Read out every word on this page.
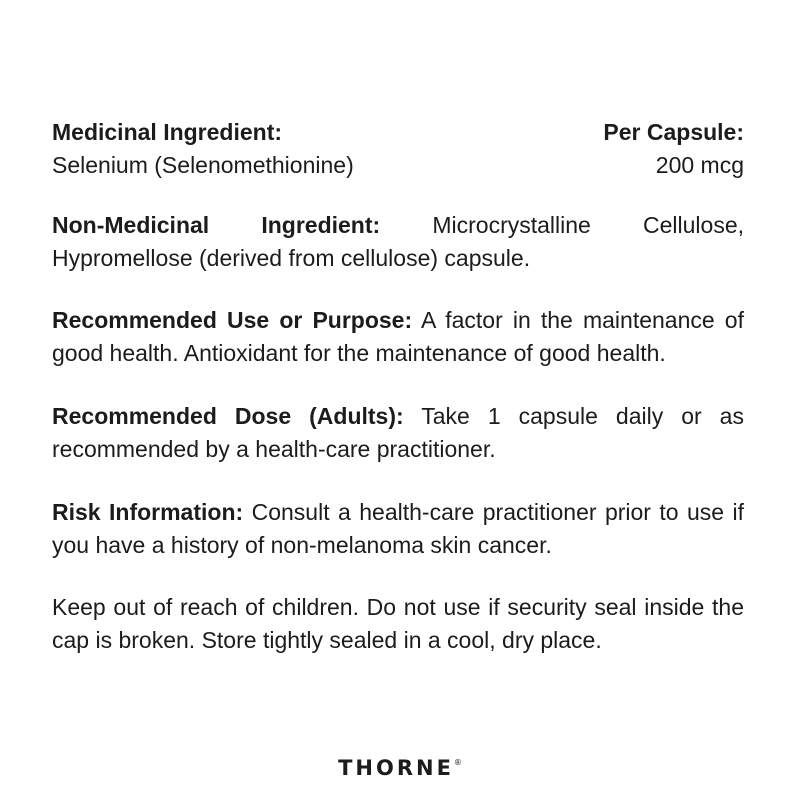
Medicinal Ingredient:	Per Capsule:
Selenium (Selenomethionine)	200 mcg
Non-Medicinal Ingredient: Microcrystalline Cellulose, Hypromellose (derived from cellulose) capsule.
Recommended Use or Purpose: A factor in the maintenance of good health. Antioxidant for the maintenance of good health.
Recommended Dose (Adults): Take 1 capsule daily or as recommended by a health-care practitioner.
Risk Information: Consult a health-care practitioner prior to use if you have a history of non-melanoma skin cancer.
Keep out of reach of children. Do not use if security seal inside the cap is broken. Store tightly sealed in a cool, dry place.
THORNE®
